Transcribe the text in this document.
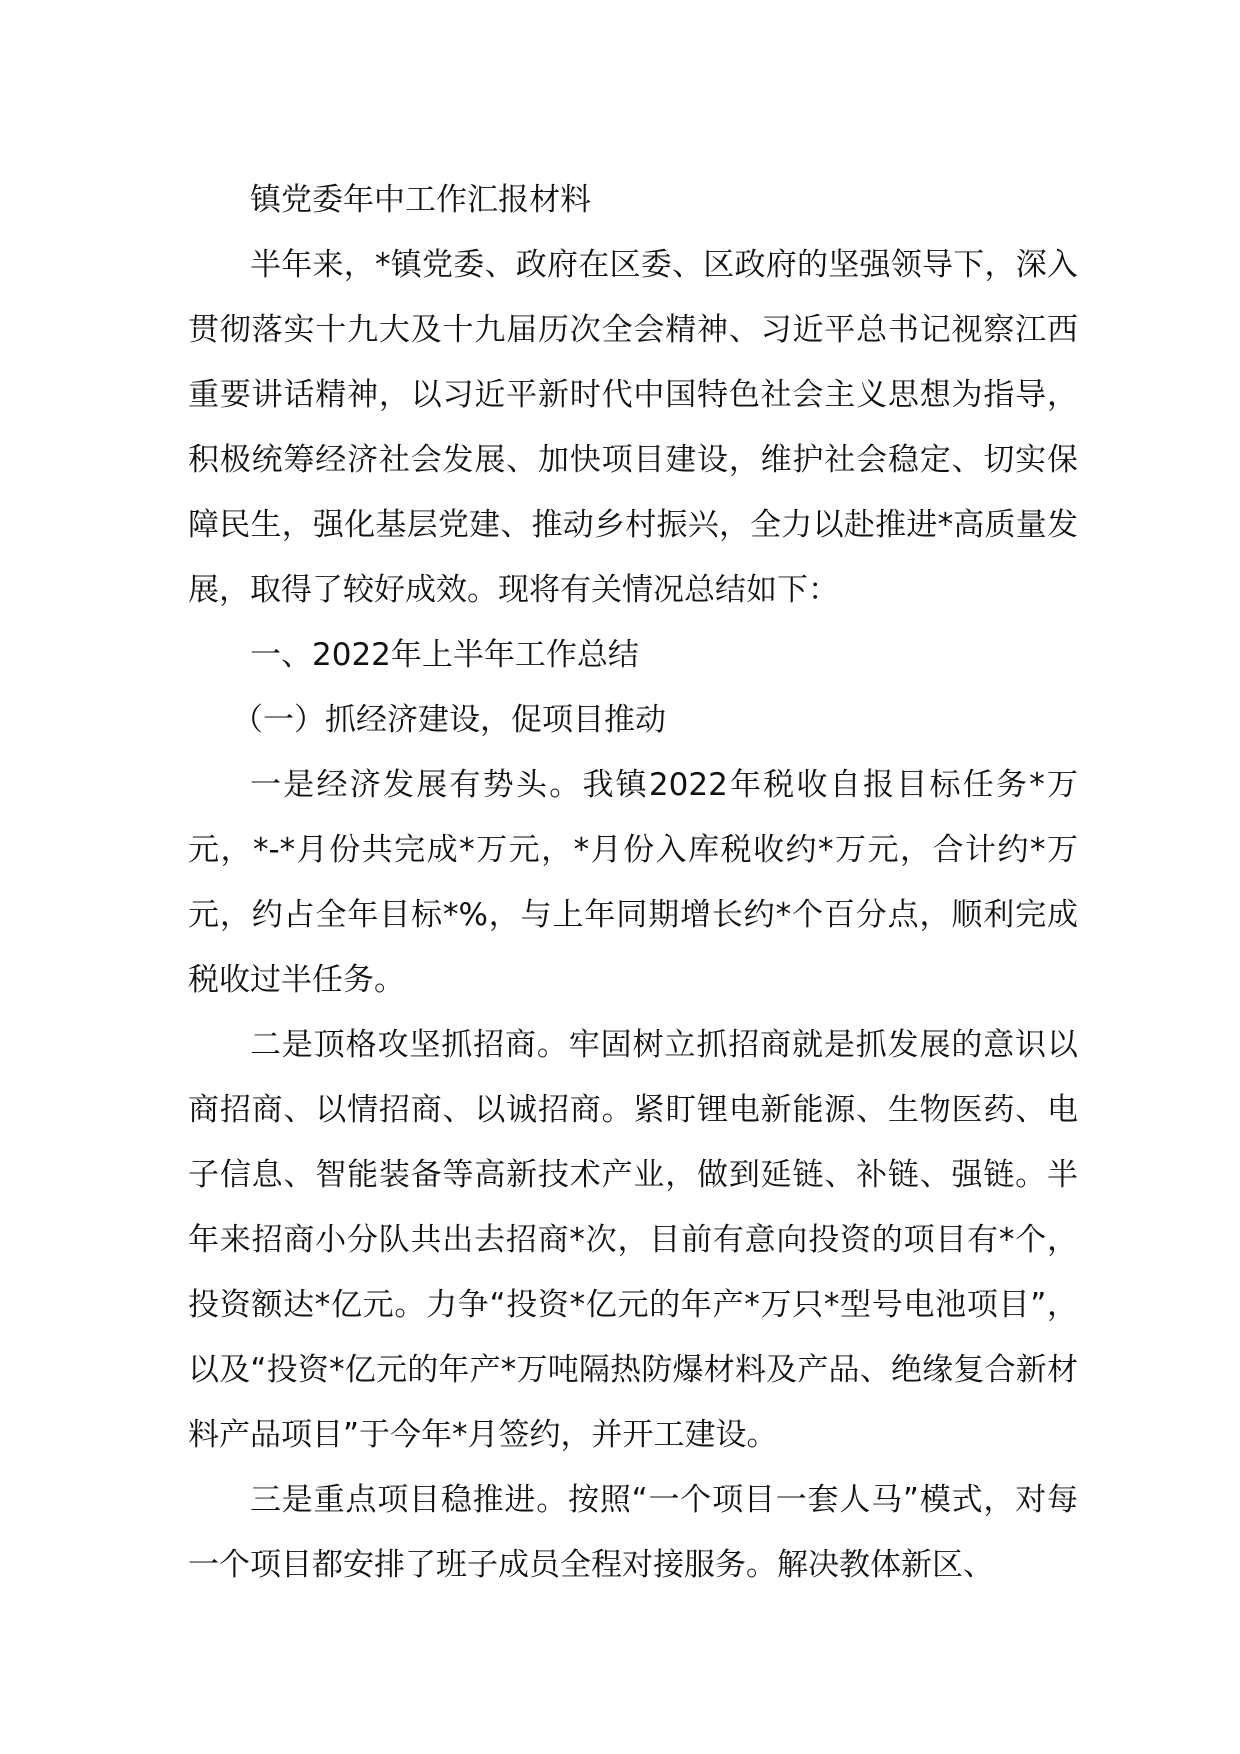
镇党委年中工作汇报材料

半年来，*镇党委、政府在区委、区政府的坚强领导下，深入贯彻落实十九大及十九届历次全会精神、习近平总书记视察江西重要讲话精神，以习近平新时代中国特色社会主义思想为指导，积极统筹经济社会发展、加快项目建设，维护社会稳定、切实保障民生，强化基层党建、推动乡村振兴，全力以赴推进*高质量发展，取得了较好成效。现将有关情况总结如下：

一、2022年上半年工作总结

（一）抓经济建设，促项目推动

一是经济发展有势头。我镇2022年税收自报目标任务*万元，*-*月份共完成*万元，*月份入库税收约*万元，合计约*万元，约占全年目标*%，与上年同期增长约*个百分点，顺利完成税收过半任务。

二是顶格攻坚抓招商。牢固树立抓招商就是抓发展的意识以商招商、以情招商、以诚招商。紧盯锂电新能源、生物医药、电子信息、智能装备等高新技术产业，做到延链、补链、强链。半年来招商小分队共出去招商*次，目前有意向投资的项目有*个，投资额达*亿元。力争“投资*亿元的年产*万只*型号电池项目”，以及“投资*亿元的年产*万吨隔热防爆材料及产品、绝缘复合新材料产品项目”于今年*月签约，并开工建设。

三是重点项目稳推进。按照“一个项目一套人马”模式，对每一个项目都安排了班子成员全程对接服务。解决教体新区、
